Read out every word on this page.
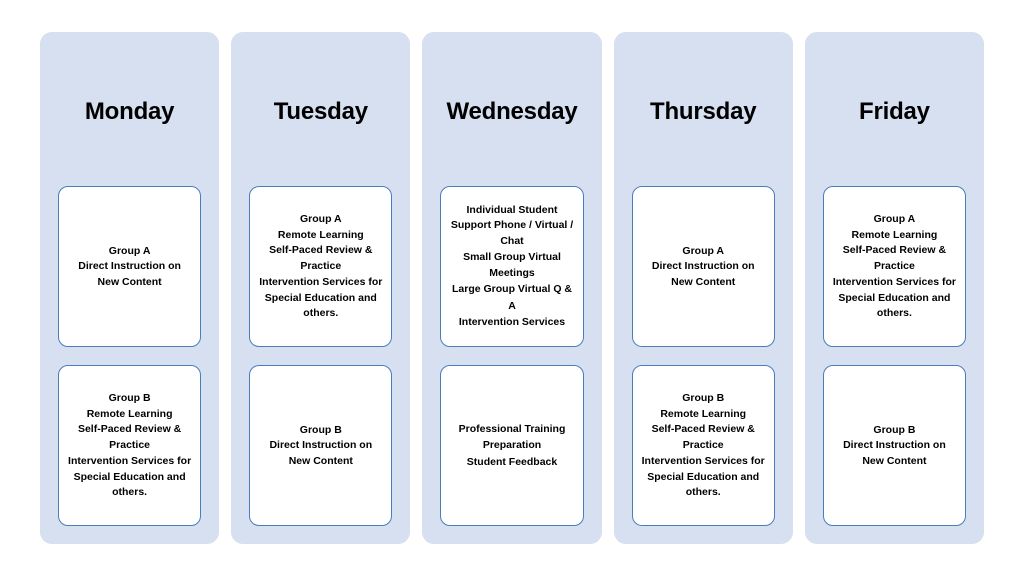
Monday
Group A
Direct Instruction on New Content
Group B
Remote Learning
Self-Paced Review & Practice
Intervention Services for Special Education and others.
Tuesday
Group A
Remote Learning
Self-Paced Review & Practice
Intervention Services for Special Education and others.
Group B
Direct Instruction on New Content
Wednesday
Individual Student Support Phone / Virtual / Chat
Small Group Virtual Meetings
Large Group Virtual Q & A
Intervention Services
Professional Training
Preparation
Student Feedback
Thursday
Group A
Direct Instruction on New Content
Group B
Remote Learning
Self-Paced Review & Practice
Intervention Services for Special Education and others.
Friday
Group A
Remote Learning
Self-Paced Review & Practice
Intervention Services for Special Education and others.
Group B
Direct Instruction on New Content
